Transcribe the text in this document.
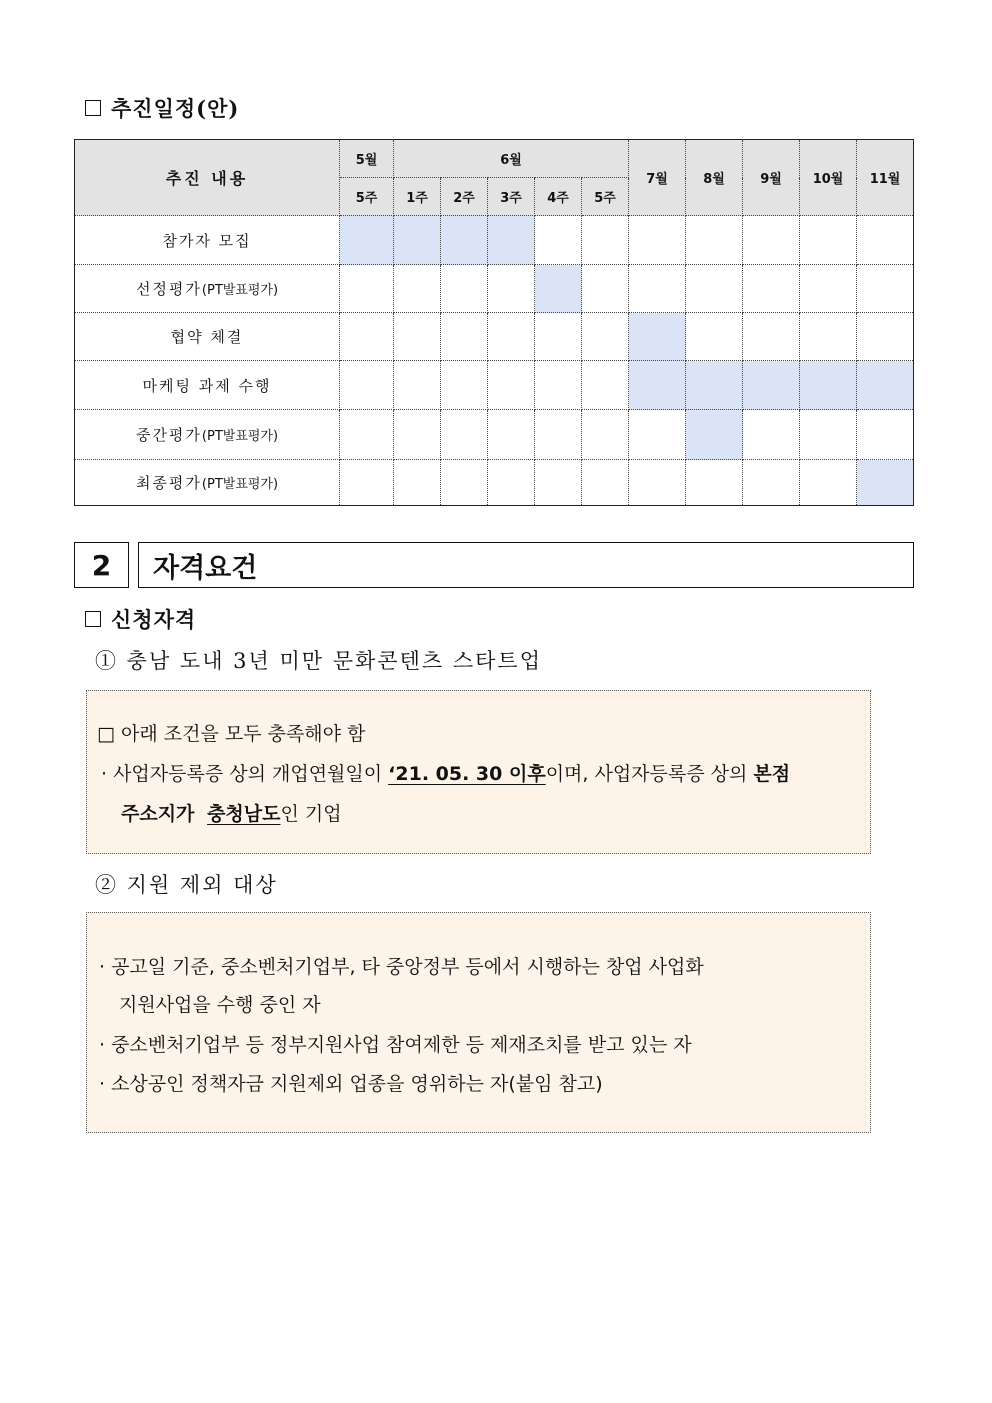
추진일정(안)
추진 내용	5월	6월					7월	8월	9월	10월	11월
	5주	1주	2주	3주	4주	5주					
참가자 모집											
선정평가(PT발표평가)											
협약 체결											
마케팅 과제 수행											
중간평가(PT발표평가)											
최종평가(PT발표평가)											
2	자격요건
신청자격
① 충남 도내 3년 미만 문화콘텐츠 스타트업
□ 아래 조건을 모두 충족해야 함
· 사업자등록증 상의 개업연월일이 ‘21. 05. 30 이후이며, 사업자등록증 상의 본점
주소지가  충청남도인 기업
② 지원 제외 대상
· 공고일 기준, 중소벤처기업부, 타 중앙정부 등에서 시행하는 창업 사업화
지원사업을 수행 중인 자
· 중소벤처기업부 등 정부지원사업 참여제한 등 제재조치를 받고 있는 자
· 소상공인 정책자금 지원제외 업종을 영위하는 자(붙임 참고)
